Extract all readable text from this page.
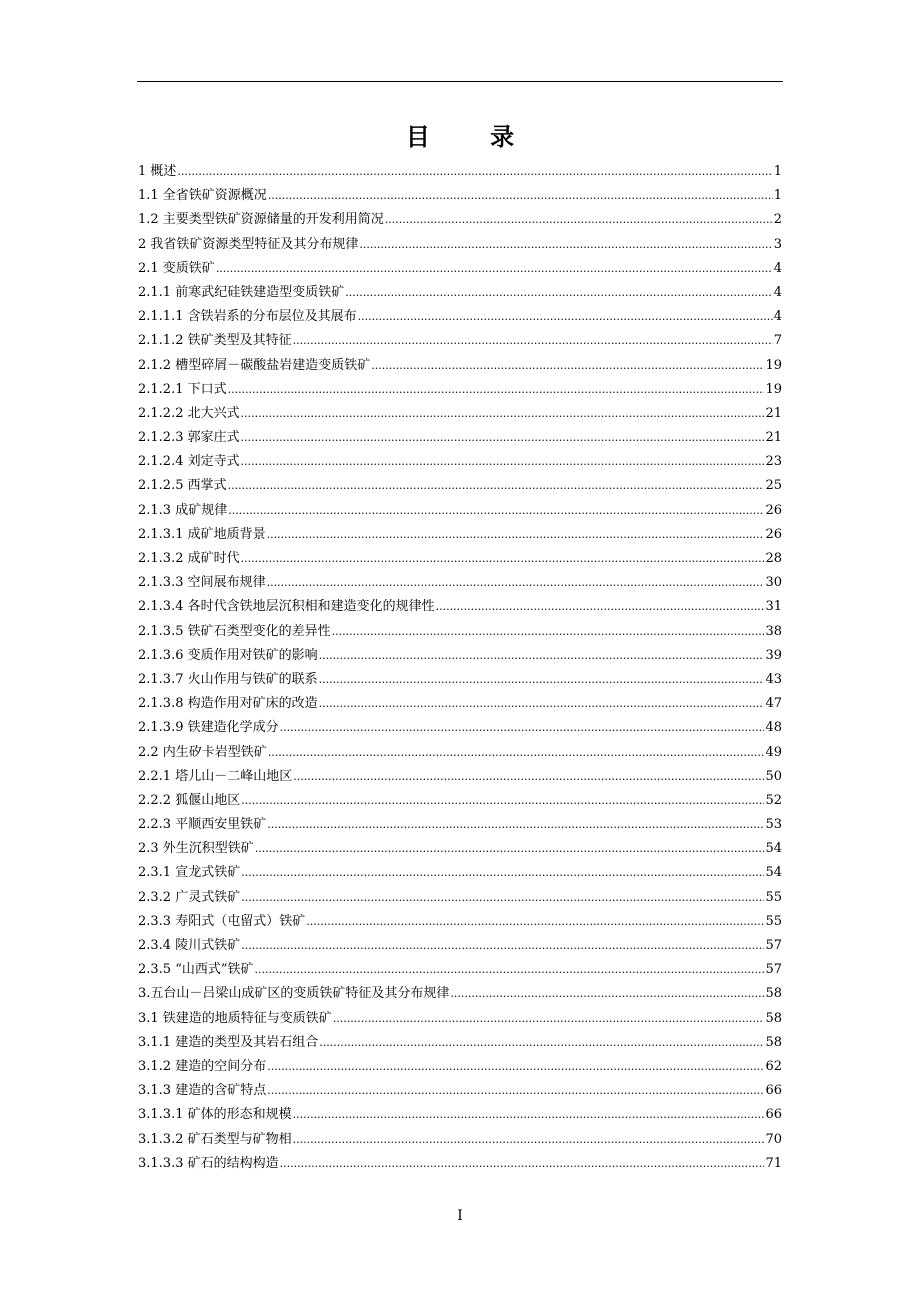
目 录
1 概述 .....	1
1.1 全省铁矿资源概况 .....	1
1.2 主要类型铁矿资源储量的开发利用简况 .....	2
2 我省铁矿资源类型特征及其分布规律 .....	3
2.1 变质铁矿 .....	4
2.1.1 前寒武纪硅铁建造型变质铁矿 .....	4
2.1.1.1 含铁岩系的分布层位及其展布 .....	4
2.1.1.2 铁矿类型及其特征 .....	7
2.1.2 槽型碎屑－碳酸盐岩建造变质铁矿 .....	19
2.1.2.1 下口式 .....	19
2.1.2.2 北大兴式 .....	21
2.1.2.3 郭家庄式 .....	21
2.1.2.4 刘定寺式 .....	23
2.1.2.5 西掌式 .....	25
2.1.3 成矿规律 .....	26
2.1.3.1 成矿地质背景 .....	26
2.1.3.2 成矿时代 .....	28
2.1.3.3 空间展布规律 .....	30
2.1.3.4 各时代含铁地层沉积相和建造变化的规律性 .....	31
2.1.3.5 铁矿石类型变化的差异性 .....	38
2.1.3.6 变质作用对铁矿的影响 .....	39
2.1.3.7 火山作用与铁矿的联系 .....	43
2.1.3.8 构造作用对矿床的改造 .....	47
2.1.3.9 铁建造化学成分 .....	48
2.2 内生矽卡岩型铁矿 .....	49
2.2.1 塔儿山－二峰山地区 .....	50
2.2.2 狐偃山地区 .....	52
2.2.3 平顺西安里铁矿 .....	53
2.3 外生沉积型铁矿 .....	54
2.3.1 宣龙式铁矿 .....	54
2.3.2 广灵式铁矿 .....	55
2.3.3 寿阳式（屯留式）铁矿 .....	55
2.3.4 陵川式铁矿 .....	57
2.3.5 “山西式”铁矿 .....	57
3.五台山－吕梁山成矿区的变质铁矿特征及其分布规律 .....	58
3.1 铁建造的地质特征与变质铁矿 .....	58
3.1.1 建造的类型及其岩石组合 .....	58
3.1.2 建造的空间分布 .....	62
3.1.3 建造的含矿特点 .....	66
3.1.3.1 矿体的形态和规模 .....	66
3.1.3.2 矿石类型与矿物相 .....	70
3.1.3.3 矿石的结构构造 .....	71
I
